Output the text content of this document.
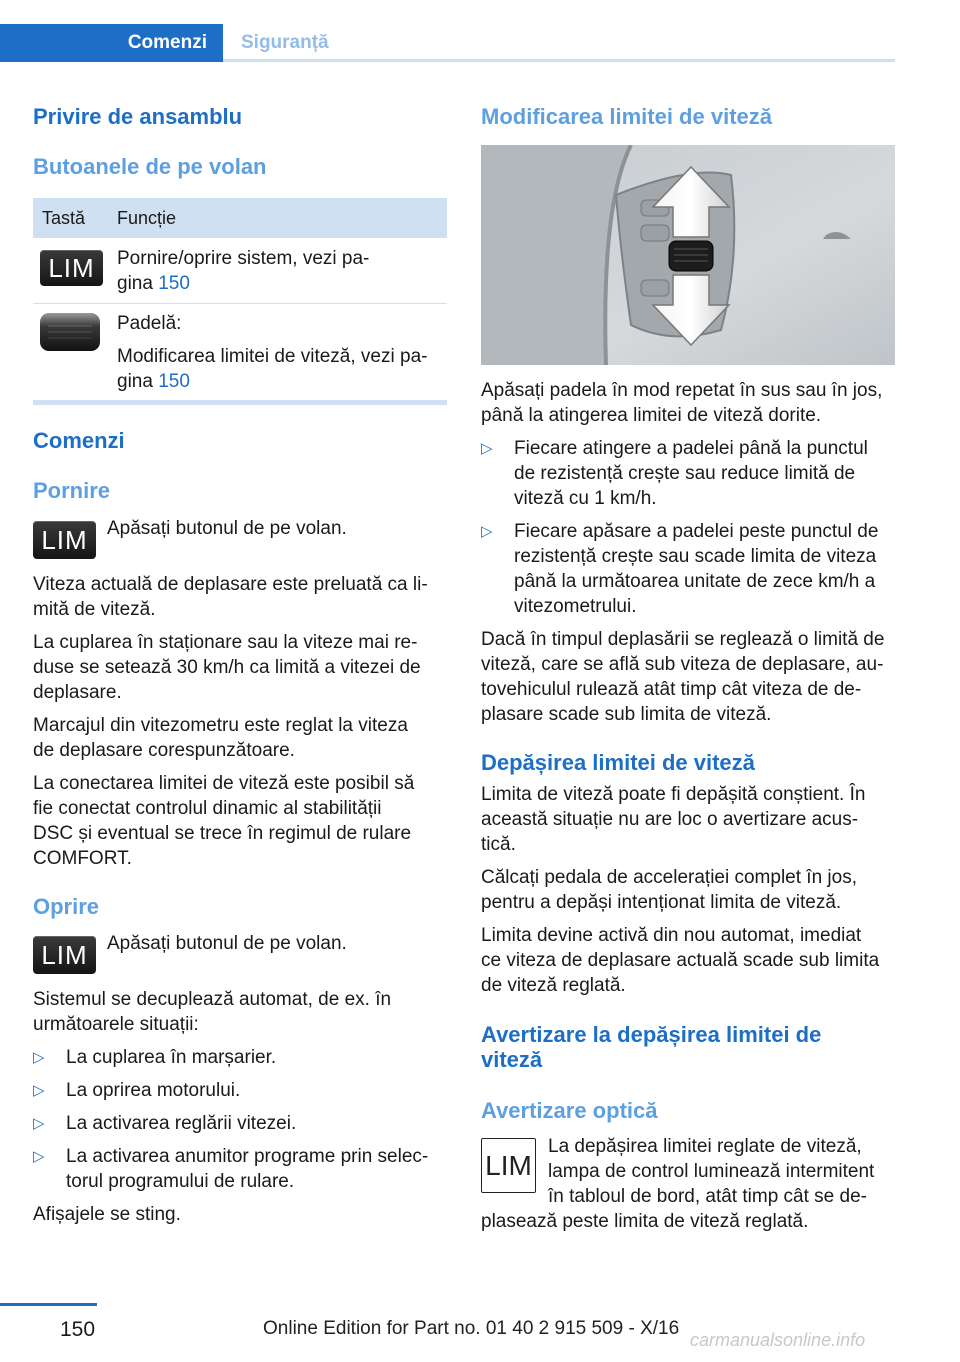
Comenzi	Siguranță
Privire de ansamblu
Butoanele de pe volan
Tastă Funcție
LIM Pornire/oprire sistem, vezi pa-
gina 150
Padelă:
Modificarea limitei de viteză, vezi pa-
gina 150
Comenzi
Pornire
LIM Apăsați butonul de pe volan.

Viteza actuală de deplasare este preluată ca li-
mită de viteză.

La cuplarea în staționare sau la viteze mai re-
duse se setează 30 km/h ca limită a vitezei de
deplasare.

Marcajul din vitezometru este reglat la viteza
de deplasare corespunzătoare.

La conectarea limitei de viteză este posibil să
fie conectat controlul dinamic al stabilității
DSC și eventual se trece în regimul de rulare
COMFORT.

Oprire
LIM Apăsați butonul de pe volan.

Sistemul se decuplează automat, de ex. în
următoarele situații:

▷ La cuplarea în marșarier.
▷ La oprirea motorului.
▷ La activarea reglării vitezei.
▷ La activarea anumitor programe prin selec-
torul programului de rulare.

Afișajele se sting.

Modificarea limitei de viteză

Apăsați padela în mod repetat în sus sau în jos,
până la atingerea limitei de viteză dorite.

▷ Fiecare atingere a padelei până la punctul
de rezistență crește sau reduce limită de
viteză cu 1 km/h.
▷ Fiecare apăsare a padelei peste punctul de
rezistență crește sau scade limita de viteza
până la următoarea unitate de zece km/h a
vitezometrului.

Dacă în timpul deplasării se reglează o limită de
viteză, care se află sub viteza de deplasare, au-
tovehiculul rulează atât timp cât viteza de de-
plasare scade sub limita de viteză.

Depășirea limitei de viteză

Limita de viteză poate fi depășită conștient. În
această situație nu are loc o avertizare acus-
tică.

Călcați pedala de accelerației complet în jos,
pentru a depăși intenționat limita de viteză.

Limita devine activă din nou automat, imediat
ce viteza de deplasare actuală scade sub limita
de viteză reglată.

Avertizare la depășirea limitei de
viteză
Avertizare optică
LIM
La depășirea limitei reglate de viteză,
lampa de control luminează intermitent
în tabloul de bord, atât timp cât se de-
plasează peste limita de viteză reglată.
150	Online Edition for Part no. 01 40 2 915 509 - X/16
carmanualsonline.info
